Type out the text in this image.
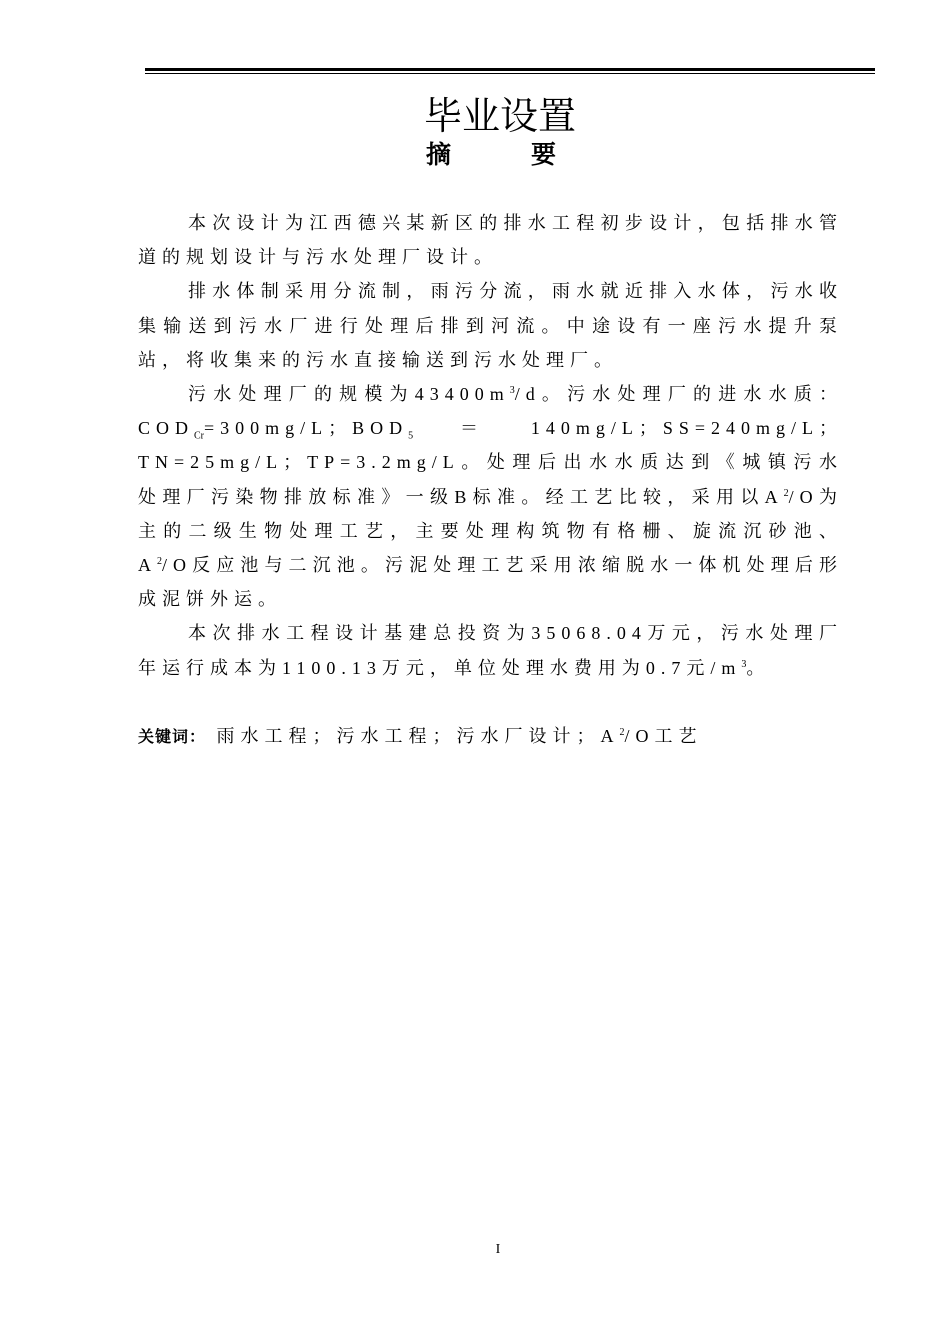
毕业设置
摘要

本次设计为江西德兴某新区的排水工程初步设计，包括排水管道的规划设计与污水处理厂设计。

排水体制采用分流制，雨污分流，雨水就近排入水体，污水收集输送到污水厂进行处理后排到河流。中途设有一座污水提升泵站，将收集来的污水直接输送到污水处理厂。

污水处理厂的规模为$43400m^3/d$。污水处理厂的进水水质：$COD_{Cr}=300mg/L$；$BOD_5=140mg/L$；SS=240mg/L；TN=25mg/L；TP=3.2mg/L。处理后出水水质达到《城镇污水处理厂污染物排放标准》一级B标准。经工艺比较，采用以$A^2/O$为主的二级生物处理工艺，主要处理构筑物有格栅、旋流沉砂池、$A^2/O$反应池与二沉池。污泥处理工艺采用浓缩脱水一体机处理后形成泥饼外运。

本次排水工程设计基建总投资为35068.04万元，污水处理厂年运行成本为1100.13万元，单位处理水费用为0.7元$/m^3$。

关键词： 雨水工程；污水工程；污水厂设计；$A^2/O$工艺

I
